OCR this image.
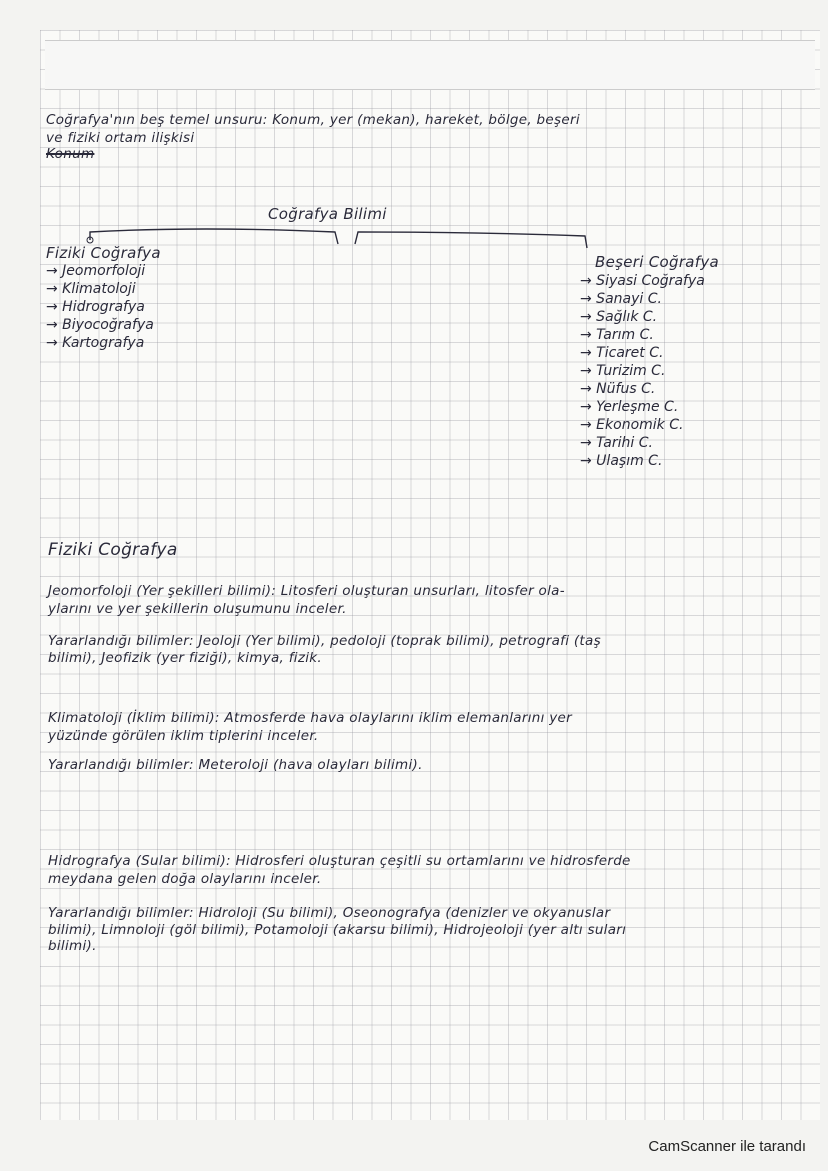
Coğrafya'nın beş temel unsuru: Konum, yer (mekan), hareket, bölge, beşeri
ve fiziki ortam ilişkisi
Konum
Coğrafya Bilimi
Fiziki Coğrafya
→ Jeomorfoloji
→ Klimatoloji
→ Hidrografya
→ Biyocoğrafya
→ Kartografya
Beşeri Coğrafya
→ Siyasi Coğrafya
→ Sanayi C.
→ Sağlık C.
→ Tarım C.
→ Ticaret C.
→ Turizim C.
→ Nüfus C.
→ Yerleşme C.
→ Ekonomik C.
→ Tarihi C.
→ Ulaşım C.
Fiziki Coğrafya
Jeomorfoloji (Yer şekilleri bilimi): Litosferi oluşturan unsurları, litosfer ola-
ylarını ve yer şekillerin oluşumunu inceler.
Yararlandığı bilimler: Jeoloji (Yer bilimi), pedoloji (toprak bilimi), petrografi (taş
bilimi), Jeofizik (yer fiziği), kimya, fizik.
Klimatoloji (İklim bilimi): Atmosferde hava olaylarını iklim elemanlarını yer
yüzünde görülen iklim tiplerini inceler.
Yararlandığı bilimler: Meteroloji (hava olayları bilimi).
Hidrografya (Sular bilimi): Hidrosferi oluşturan çeşitli su ortamlarını ve hidrosferde
meydana gelen doğa olaylarını inceler.
Yararlandığı bilimler: Hidroloji (Su bilimi), Oseonografya (denizler ve okyanuslar
bilimi), Limnoloji (göl bilimi), Potamoloji (akarsu bilimi), Hidrojeoloji (yer altı suları
bilimi).
CamScanner ile tarandı
